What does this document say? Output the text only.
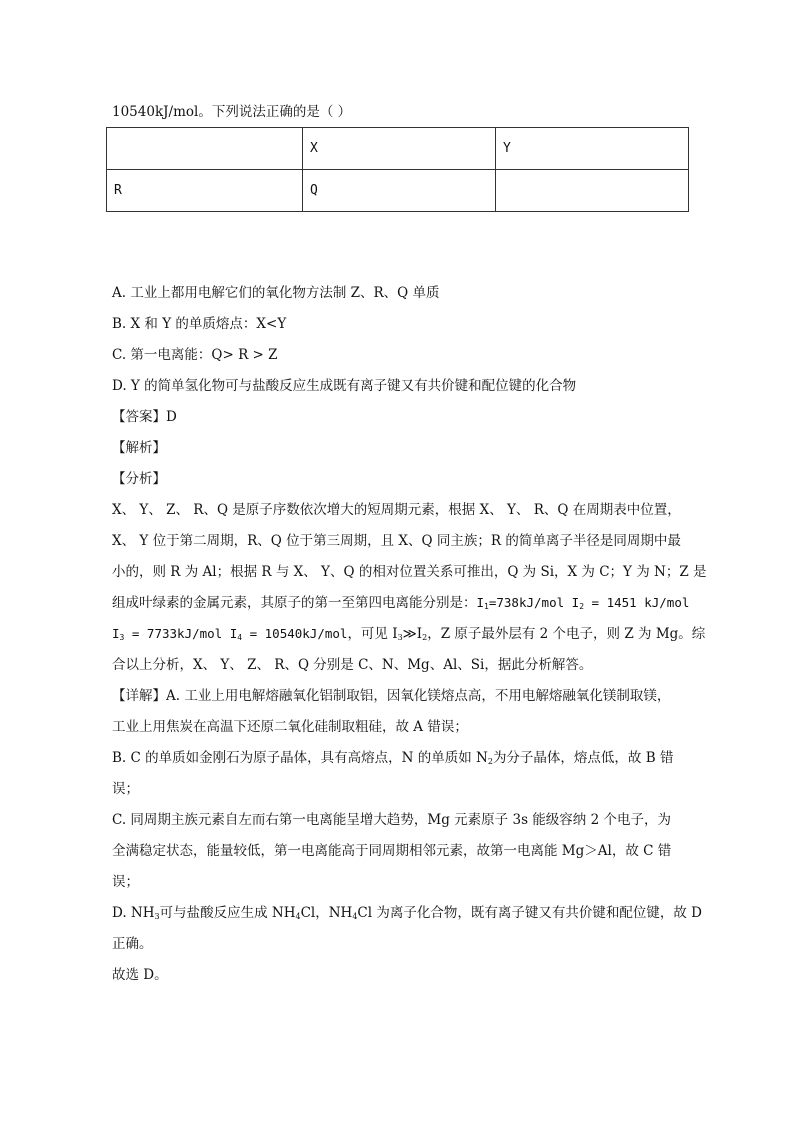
10540kJ/mol。下列说法正确的是（ ）
	X	Y
R	Q	
A. 工业上都用电解它们的氧化物方法制 Z、R、Q 单质
B. X 和 Y 的单质熔点：X<Y
C. 第一电离能：Q> R > Z
D. Y 的简单氢化物可与盐酸反应生成既有离子键又有共价键和配位键的化合物
【答案】D
【解析】
【分析】
X、 Y、 Z、 R、Q 是原子序数依次增大的短周期元素，根据 X、 Y、 R、Q 在周期表中位置，
X、 Y 位于第二周期，R、Q 位于第三周期，且 X、Q 同主族；R 的简单离子半径是同周期中最
小的，则 R 为 Al；根据 R 与 X、 Y、Q 的相对位置关系可推出，Q 为 Si，X 为 C；Y 为 N；Z 是
组成叶绿素的金属元素，其原子的第一至第四电离能分别是：$I_1=738kJ$/mol $I_2 = 1451$ kJ/mol
$I_3 = 7733kJ/mol$ $I_4 = 10540kJ/mol$，可见 $I_3≫I_2$，Z 原子最外层有 2 个电子，则 Z 为 Mg。综
合以上分析，X、 Y、 Z、 R、Q 分别是 C、N、Mg、Al、Si，据此分析解答。
【详解】A. 工业上用电解熔融氧化铝制取铝，因氧化镁熔点高，不用电解熔融氧化镁制取镁，
工业上用焦炭在高温下还原二氧化硅制取粗硅，故 A 错误；
B. C 的单质如金刚石为原子晶体，具有高熔点，N 的单质如 $N_2$为分子晶体，熔点低，故 B 错
误；
C. 同周期主族元素自左而右第一电离能呈增大趋势，Mg 元素原子 3s 能级容纳 2 个电子，为
全满稳定状态，能量较低，第一电离能高于同周期相邻元素，故第一电离能 Mg＞Al，故 C 错
误；
D. $NH_3$可与盐酸反应生成 $NH_4Cl$，$NH_4Cl$ 为离子化合物，既有离子键又有共价键和配位键，故 D
正确。
故选 D。
